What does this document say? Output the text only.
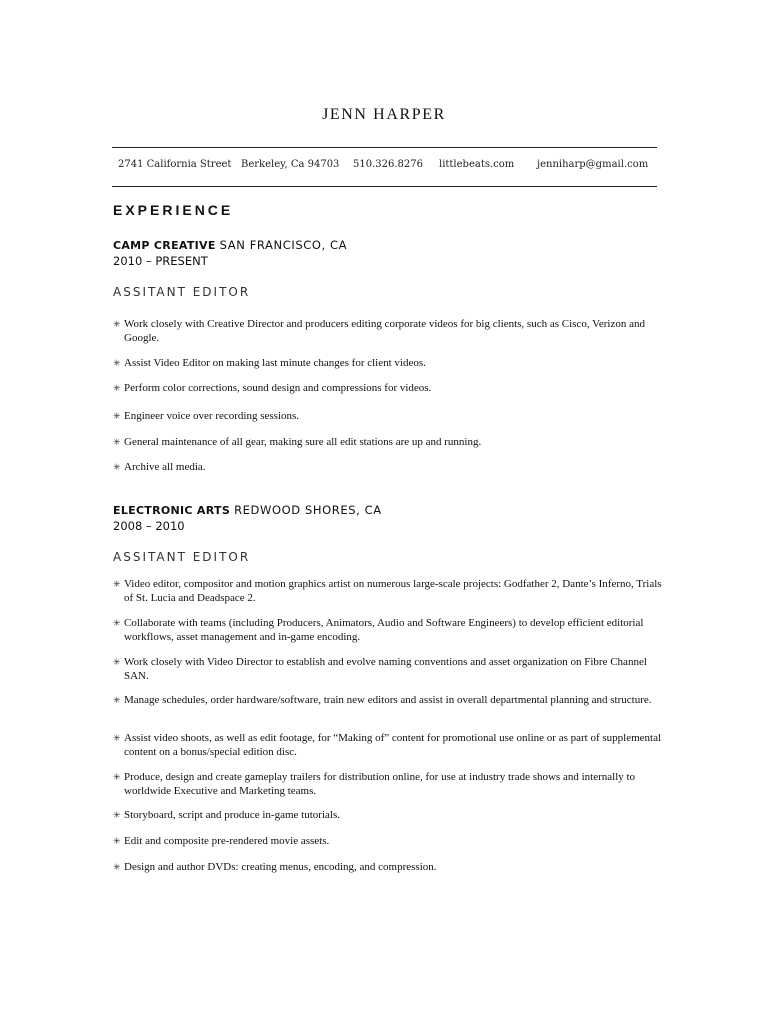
JENN HARPER
2741 California Street Berkeley, Ca 94703 510.326.8276 littlebeats.com jenniharp@gmail.com
EXPERIENCE
CAMP CREATIVE SAN FRANCISCO, CA
2010 – PRESENT
ASSITANT EDITOR
✳ Work closely with Creative Director and producers editing corporate videos for big clients, such as Cisco, Verizon and Google.
✳ Assist Video Editor on making last minute changes for client videos.
✳ Perform color corrections, sound design and compressions for videos.
✳ Engineer voice over recording sessions.
✳ General maintenance of all gear, making sure all edit stations are up and running.
✳ Archive all media.
ELECTRONIC ARTS REDWOOD SHORES, CA
2008 – 2010
ASSITANT EDITOR
✳ Video editor, compositor and motion graphics artist on numerous large-scale projects: Godfather 2, Dante’s Inferno, Trials of St. Lucia and Deadspace 2.
✳ Collaborate with teams (including Producers, Animators, Audio and Software Engineers) to develop efficient editorial workflows, asset management and in-game encoding.
✳ Work closely with Video Director to establish and evolve naming conventions and asset organization on Fibre Channel SAN.
✳ Manage schedules, order hardware/software, train new editors and assist in overall departmental planning and structure.
✳ Assist video shoots, as well as edit footage, for “Making of” content for promotional use online or as part of supplemental content on a bonus/special edition disc.
✳ Produce, design and create gameplay trailers for distribution online, for use at industry trade shows and internally to worldwide Executive and Marketing teams.
✳ Storyboard, script and produce in-game tutorials.
✳ Edit and composite pre-rendered movie assets.
✳ Design and author DVDs: creating menus, encoding, and compression.
